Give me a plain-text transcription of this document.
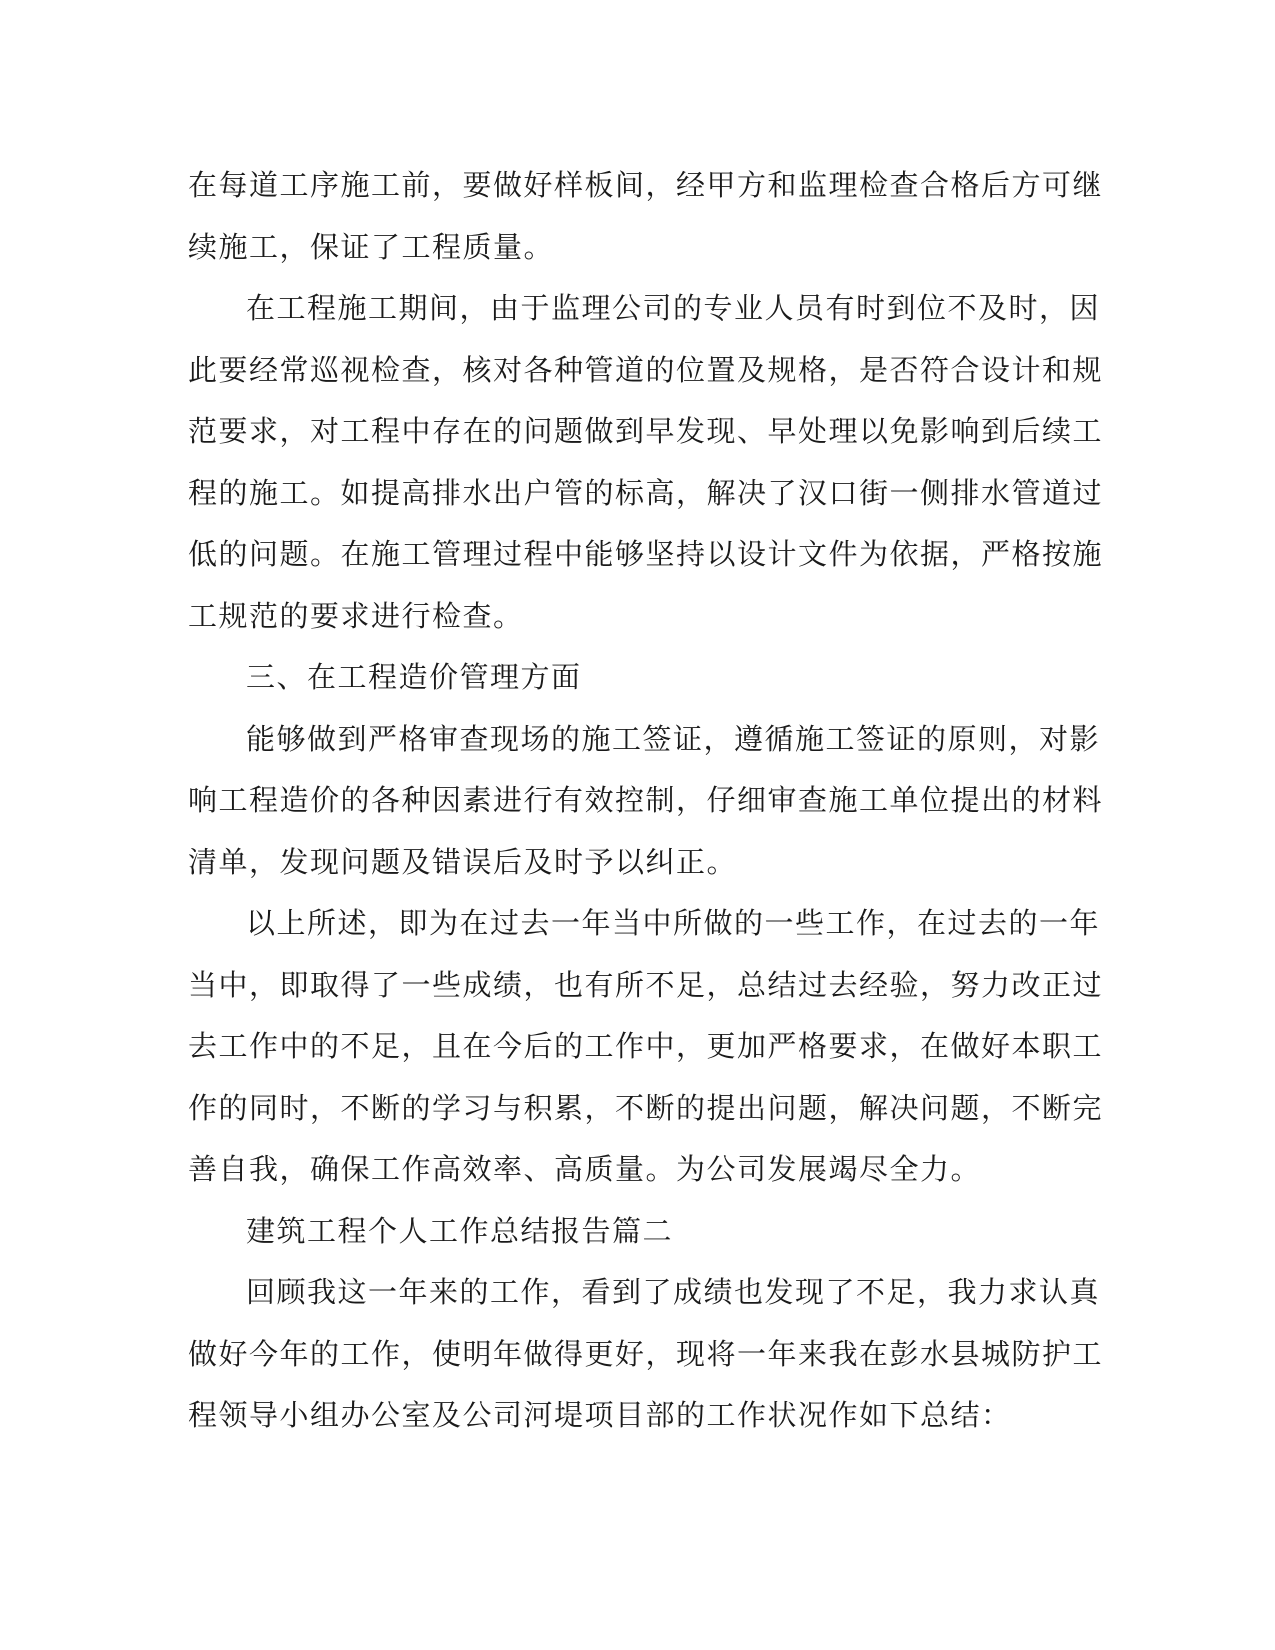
在每道工序施工前，要做好样板间，经甲方和监理检查合格后方可继
续施工，保证了工程质量。

在工程施工期间，由于监理公司的专业人员有时到位不及时，因
此要经常巡视检查，核对各种管道的位置及规格，是否符合设计和规
范要求，对工程中存在的问题做到早发现、早处理以免影响到后续工
程的施工。如提高排水出户管的标高，解决了汉口街一侧排水管道过
低的问题。在施工管理过程中能够坚持以设计文件为依据，严格按施
工规范的要求进行检查。

三、在工程造价管理方面

能够做到严格审查现场的施工签证，遵循施工签证的原则，对影
响工程造价的各种因素进行有效控制，仔细审查施工单位提出的材料
清单，发现问题及错误后及时予以纠正。

以上所述，即为在过去一年当中所做的一些工作，在过去的一年
当中，即取得了一些成绩，也有所不足，总结过去经验，努力改正过
去工作中的不足，且在今后的工作中，更加严格要求，在做好本职工
作的同时，不断的学习与积累，不断的提出问题，解决问题，不断完
善自我，确保工作高效率、高质量。为公司发展竭尽全力。

建筑工程个人工作总结报告篇二

回顾我这一年来的工作，看到了成绩也发现了不足，我力求认真
做好今年的工作，使明年做得更好，现将一年来我在彭水县城防护工
程领导小组办公室及公司河堤项目部的工作状况作如下总结：
